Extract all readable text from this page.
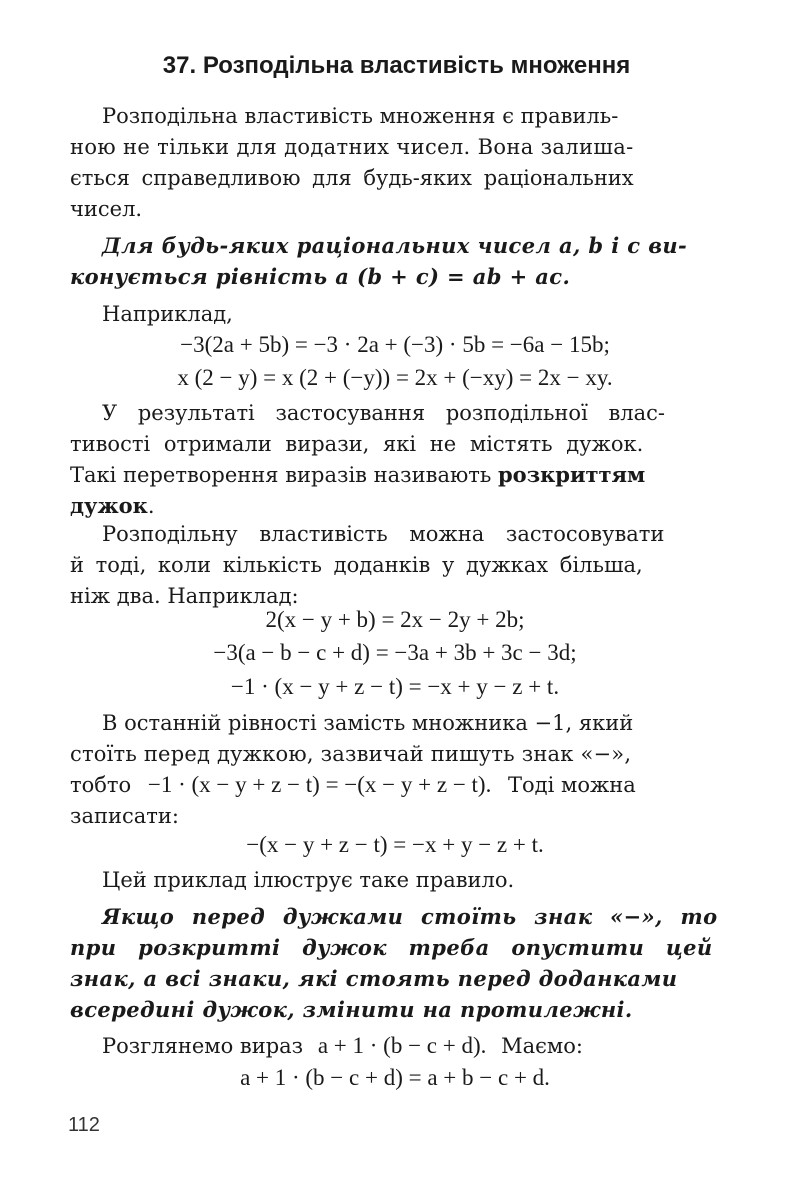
37. Розподільна властивість множення

Розподільна властивість множення є правиль-

ною не тільки для додатних чисел. Вона залиша-

ється справедливою для будь-яких раціональних

чисел.

Для будь-яких раціональних чисел a, b і c ви-

конується рівність a (b + c) = ab + ac.

Наприклад,

−3(2a + 5b) = −3 · 2a + (−3) · 5b = −6a − 15b;

x (2 − y) = x (2 + (−y)) = 2x + (−xy) = 2x − xy.

У результаті застосування розподільної влас-

тивості отримали вирази, які не містять дужок.

Такі перетворення виразів називають розкриттям

дужок.

Розподільну властивість можна застосовувати

й тоді, коли кількість доданків у дужках більша,

ніж два. Наприклад:

2(x − y + b) = 2x − 2y + 2b;

−3(a − b − c + d) = −3a + 3b + 3c − 3d;

−1 · (x − y + z − t) = −x + y − z + t.

В останній рівності замість множника −1, який

стоїть перед дужкою, зазвичай пишуть знак «−»,

тобто −1 · (x − y + z − t) = −(x − y + z − t). Тоді можна

записати:

−(x − y + z − t) = −x + y − z + t.

Цей приклад ілюструє таке правило.

Якщо перед дужками стоїть знак «−», то

при розкритті дужок треба опустити цей

знак, а всі знаки, які стоять перед доданками

всередині дужок, змінити на протилежні.

Розглянемо вираз a + 1 · (b − c + d). Маємо:

a + 1 · (b − c + d) = a + b − c + d.

112
